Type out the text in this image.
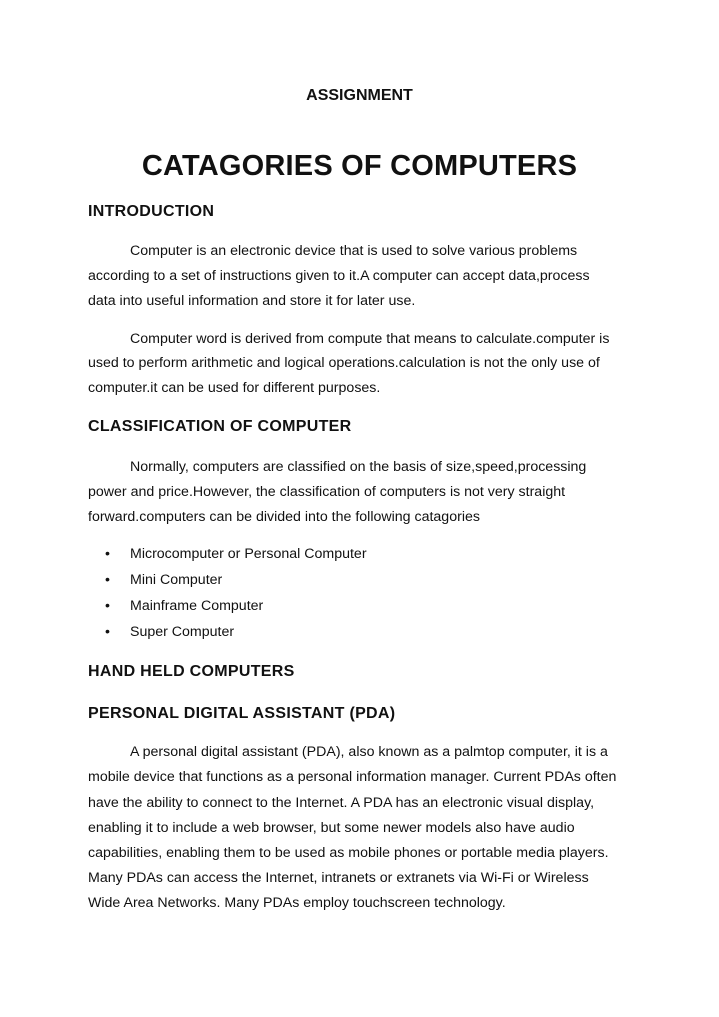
ASSIGNMENT
CATAGORIES OF COMPUTERS
INTRODUCTION
Computer is an electronic device that is used to solve various problems
according to a set of instructions given to it.A computer can accept data,process
data into useful information and store it for later use.
Computer word is derived from compute that means to calculate.computer is
used to perform arithmetic and logical operations.calculation is not the only use of
computer.it can be used for different purposes.
CLASSIFICATION OF COMPUTER
Normally, computers are classified on the basis of size,speed,processing
power and price.However, the classification of computers is not very straight
forward.computers can be divided into the following catagories
• Microcomputer or Personal Computer
• Mini Computer
• Mainframe Computer
• Super Computer
HAND HELD COMPUTERS
PERSONAL DIGITAL ASSISTANT (PDA)
A personal digital assistant (PDA), also known as a palmtop computer, it is a
mobile device that functions as a personal information manager. Current PDAs often
have the ability to connect to the Internet. A PDA has an electronic visual display,
enabling it to include a web browser, but some newer models also have audio
capabilities, enabling them to be used as mobile phones or portable media players.
Many PDAs can access the Internet, intranets or extranets via Wi-Fi or Wireless
Wide Area Networks. Many PDAs employ touchscreen technology.
